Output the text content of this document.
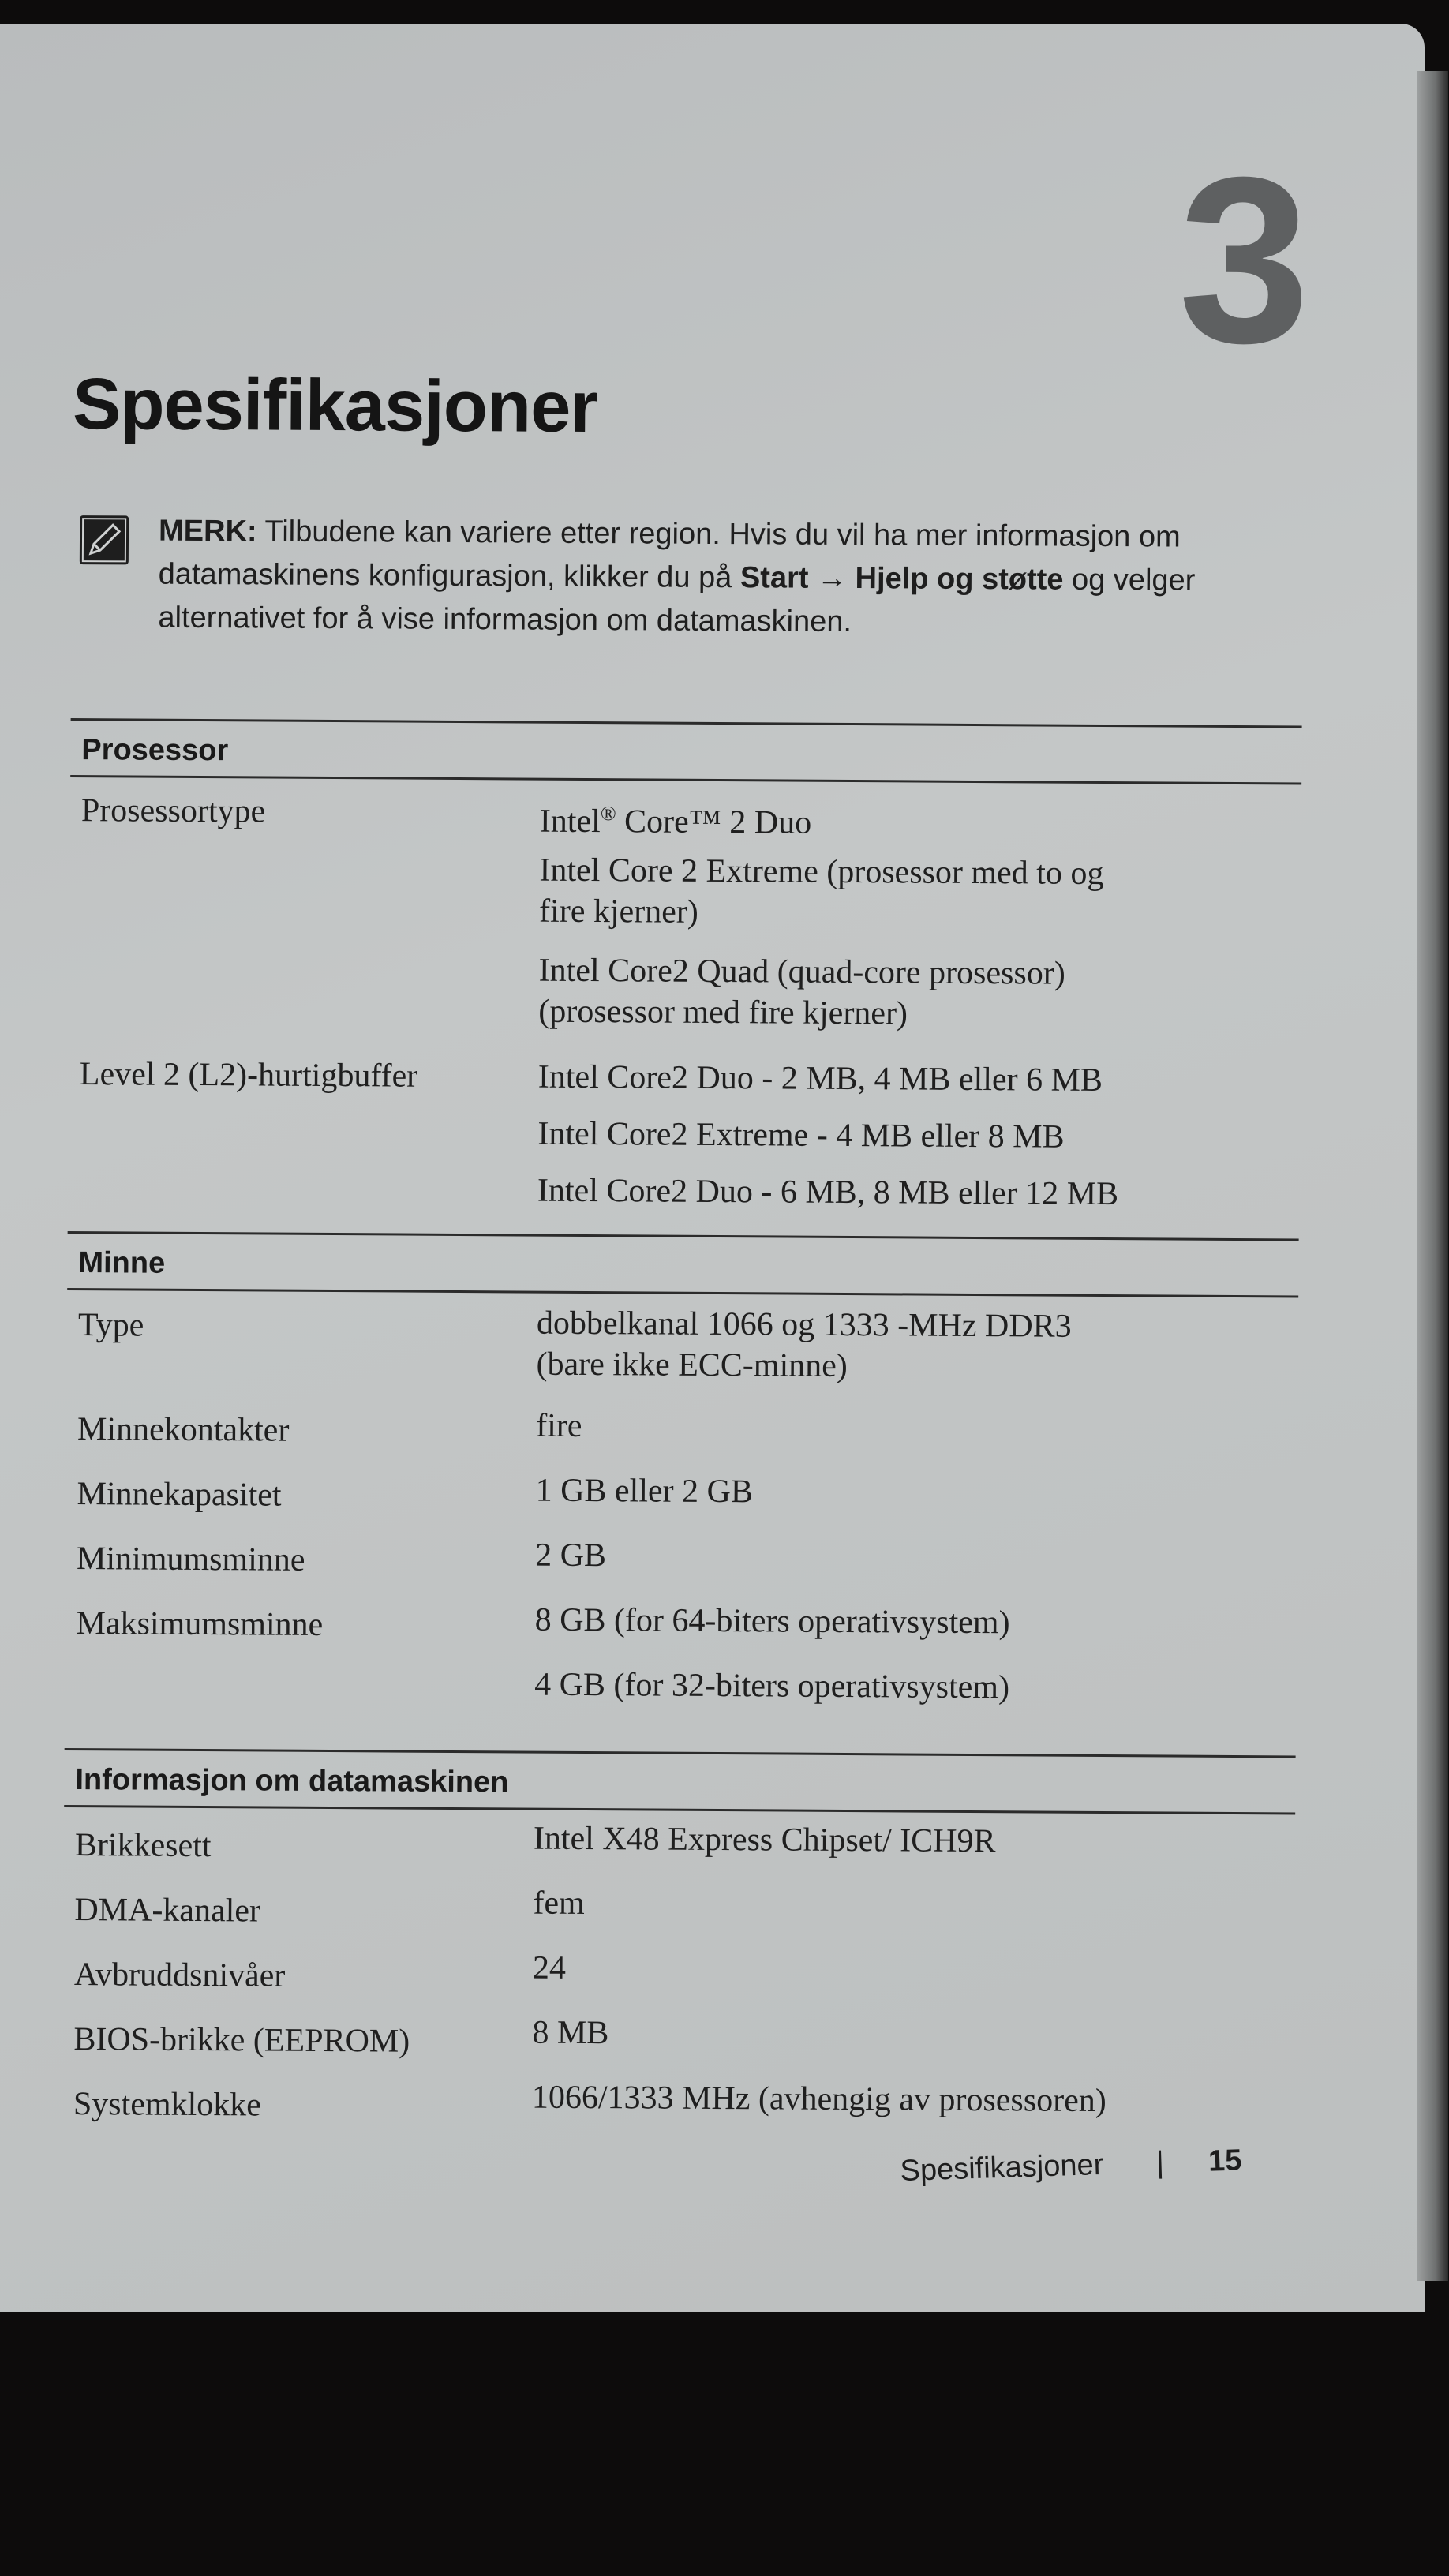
3
Spesifikasjoner
MERK: Tilbudene kan variere etter region. Hvis du vil ha mer informasjon om datamaskinens konfigurasjon, klikker du på Start → Hjelp og støtte og velger alternativet for å vise informasjon om datamaskinen.
Prosessor
Prosessortype	Intel® Core™ 2 Duo
Intel Core 2 Extreme (prosessor med to og
fire kjerner)
Intel Core2 Quad (quad-core prosessor)
(prosessor med fire kjerner)
Level 2 (L2)-hurtigbuffer	Intel Core2 Duo - 2 MB, 4 MB eller 6 MB
Intel Core2 Extreme - 4 MB eller 8 MB
Intel Core2 Duo - 6 MB, 8 MB eller 12 MB
Minne
Type	dobbelkanal 1066 og 1333 -MHz DDR3
(bare ikke ECC-minne)
Minnekontakter	fire
Minnekapasitet	1 GB eller 2 GB
Minimumsminne	2 GB
Maksimumsminne	8 GB (for 64-biters operativsystem)
4 GB (for 32-biters operativsystem)
Informasjon om datamaskinen
Brikkesett	Intel X48 Express Chipset/ ICH9R
DMA-kanaler	fem
Avbruddsnivåer	24
BIOS-brikke (EEPROM)	8 MB
Systemklokke	1066/1333 MHz (avhengig av prosessoren)
Spesifikasjoner	15
